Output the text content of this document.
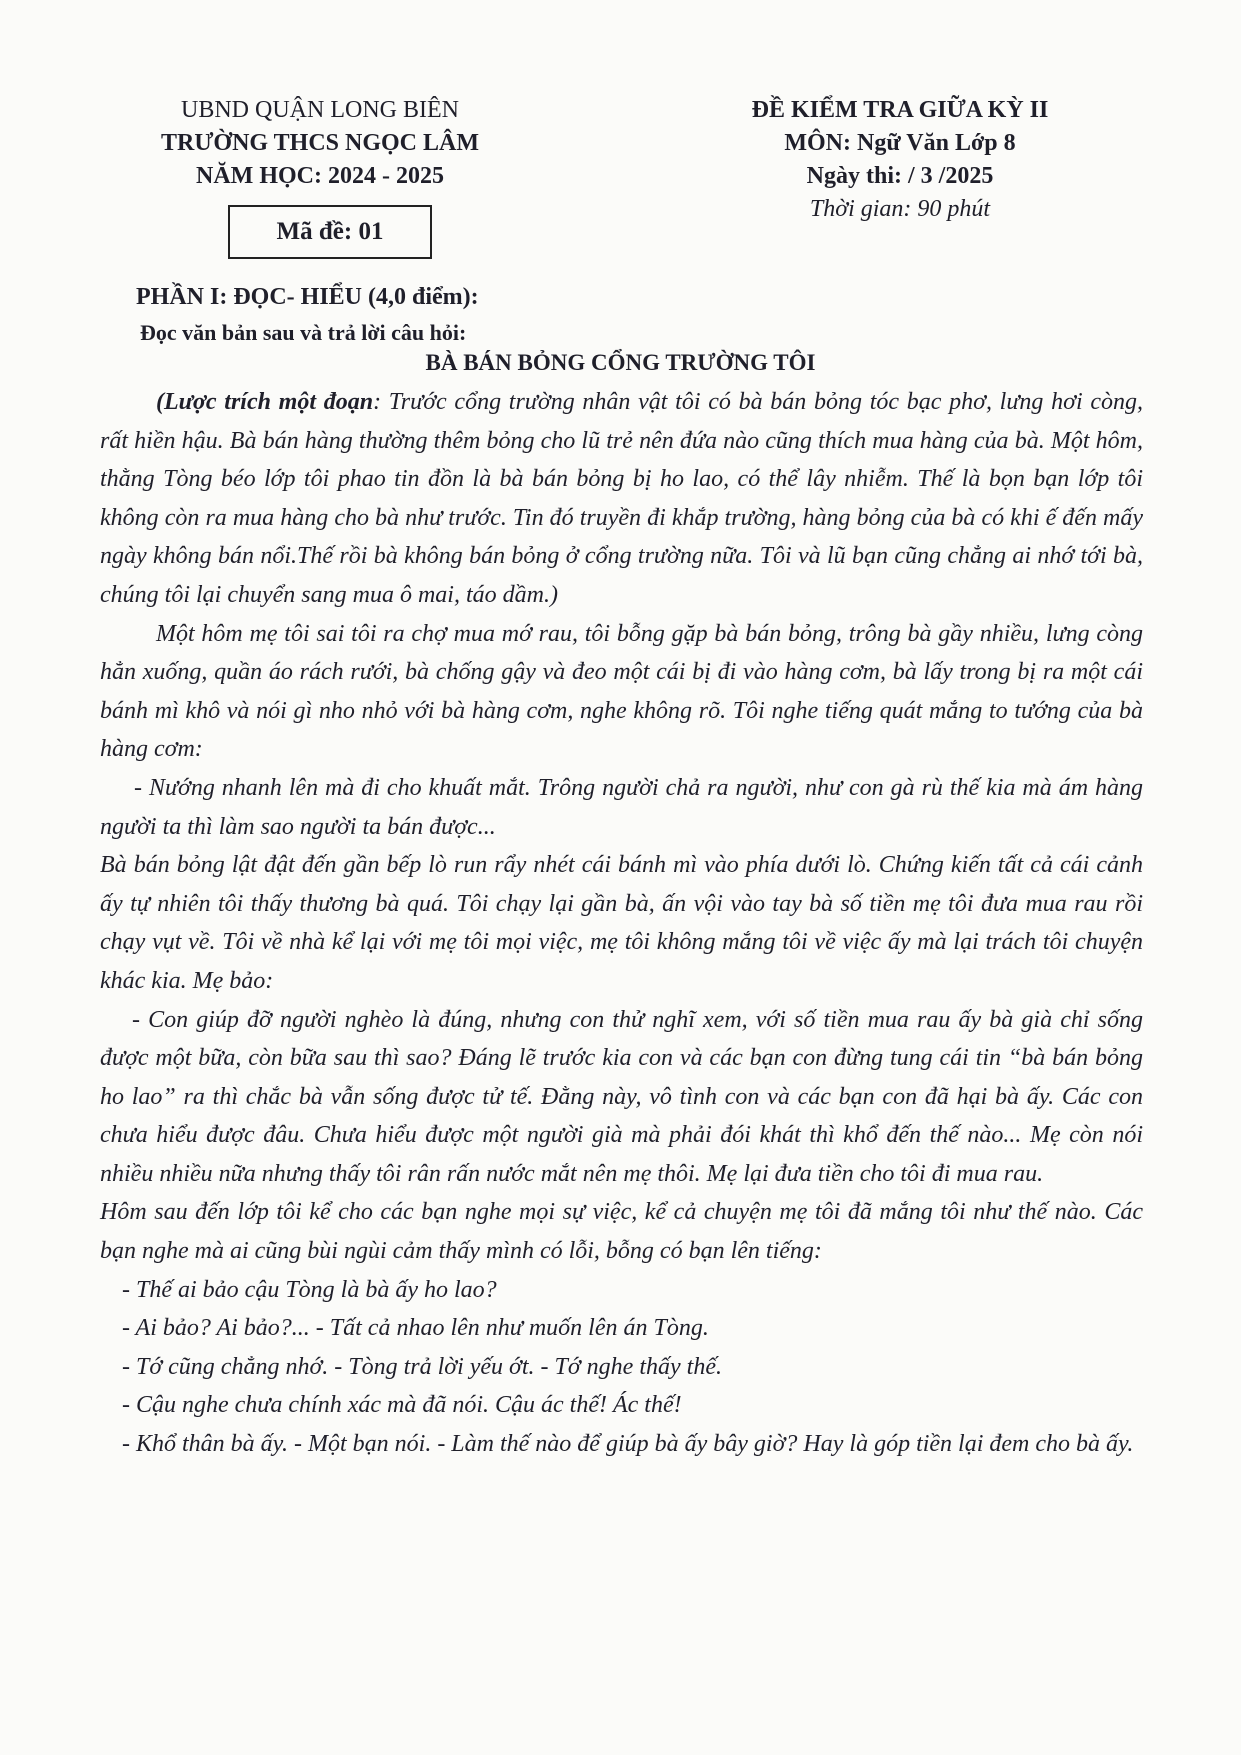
UBND QUẬN LONG BIÊN
TRƯỜNG THCS NGỌC LÂM
NĂM HỌC: 2024 - 2025
Mã đề: 01
ĐỀ KIỂM TRA GIỮA KỲ II
MÔN: Ngữ Văn Lớp 8
Ngày thi: / 3 /2025
Thời gian: 90 phút
PHẦN I: ĐỌC- HIỂU (4,0 điểm):
Đọc văn bản sau và trả lời câu hỏi:
BÀ BÁN BỎNG CỔNG TRƯỜNG TÔI

(Lược trích một đoạn: Trước cổng trường nhân vật tôi có bà bán bỏng tóc bạc phơ, lưng hơi còng, rất hiền hậu. Bà bán hàng thường thêm bỏng cho lũ trẻ nên đứa nào cũng thích mua hàng của bà. Một hôm, thằng Tòng béo lớp tôi phao tin đồn là bà bán bỏng bị ho lao, có thể lây nhiễm. Thế là bọn bạn lớp tôi không còn ra mua hàng cho bà như trước. Tin đó truyền đi khắp trường, hàng bỏng của bà có khi ế đến mấy ngày không bán nổi.Thế rồi bà không bán bỏng ở cổng trường nữa. Tôi và lũ bạn cũng chẳng ai nhớ tới bà, chúng tôi lại chuyển sang mua ô mai, táo dầm.)

Một hôm mẹ tôi sai tôi ra chợ mua mớ rau, tôi bỗng gặp bà bán bỏng, trông bà gầy nhiều, lưng còng hẳn xuống, quần áo rách rưới, bà chống gậy và đeo một cái bị đi vào hàng cơm, bà lấy trong bị ra một cái bánh mì khô và nói gì nho nhỏ với bà hàng cơm, nghe không rõ. Tôi nghe tiếng quát mắng to tướng của bà hàng cơm:

- Nướng nhanh lên mà đi cho khuất mắt. Trông người chả ra người, như con gà rù thế kia mà ám hàng người ta thì làm sao người ta bán được...

Bà bán bỏng lật đật đến gần bếp lò run rẩy nhét cái bánh mì vào phía dưới lò. Chứng kiến tất cả cái cảnh ấy tự nhiên tôi thấy thương bà quá. Tôi chạy lại gần bà, ấn vội vào tay bà số tiền mẹ tôi đưa mua rau rồi chạy vụt về. Tôi về nhà kể lại với mẹ tôi mọi việc, mẹ tôi không mắng tôi về việc ấy mà lại trách tôi chuyện khác kia. Mẹ bảo:

- Con giúp đỡ người nghèo là đúng, nhưng con thử nghĩ xem, với số tiền mua rau ấy bà già chỉ sống được một bữa, còn bữa sau thì sao? Đáng lẽ trước kia con và các bạn con đừng tung cái tin “bà bán bỏng ho lao” ra thì chắc bà vẫn sống được tử tế. Đằng này, vô tình con và các bạn con đã hại bà ấy. Các con chưa hiểu được đâu. Chưa hiểu được một người già mà phải đói khát thì khổ đến thế nào... Mẹ còn nói nhiều nhiều nữa nhưng thấy tôi rân rấn nước mắt nên mẹ thôi. Mẹ lại đưa tiền cho tôi đi mua rau.

Hôm sau đến lớp tôi kể cho các bạn nghe mọi sự việc, kể cả chuyện mẹ tôi đã mắng tôi như thế nào. Các bạn nghe mà ai cũng bùi ngùi cảm thấy mình có lỗi, bỗng có bạn lên tiếng:

- Thế ai bảo cậu Tòng là bà ấy ho lao?

- Ai bảo? Ai bảo?... - Tất cả nhao lên như muốn lên án Tòng.

- Tớ cũng chẳng nhớ. - Tòng trả lời yếu ớt. - Tớ nghe thấy thế.

- Cậu nghe chưa chính xác mà đã nói. Cậu ác thế! Ác thế!

- Khổ thân bà ấy. - Một bạn nói. - Làm thế nào để giúp bà ấy bây giờ? Hay là góp tiền lại đem cho bà ấy.
